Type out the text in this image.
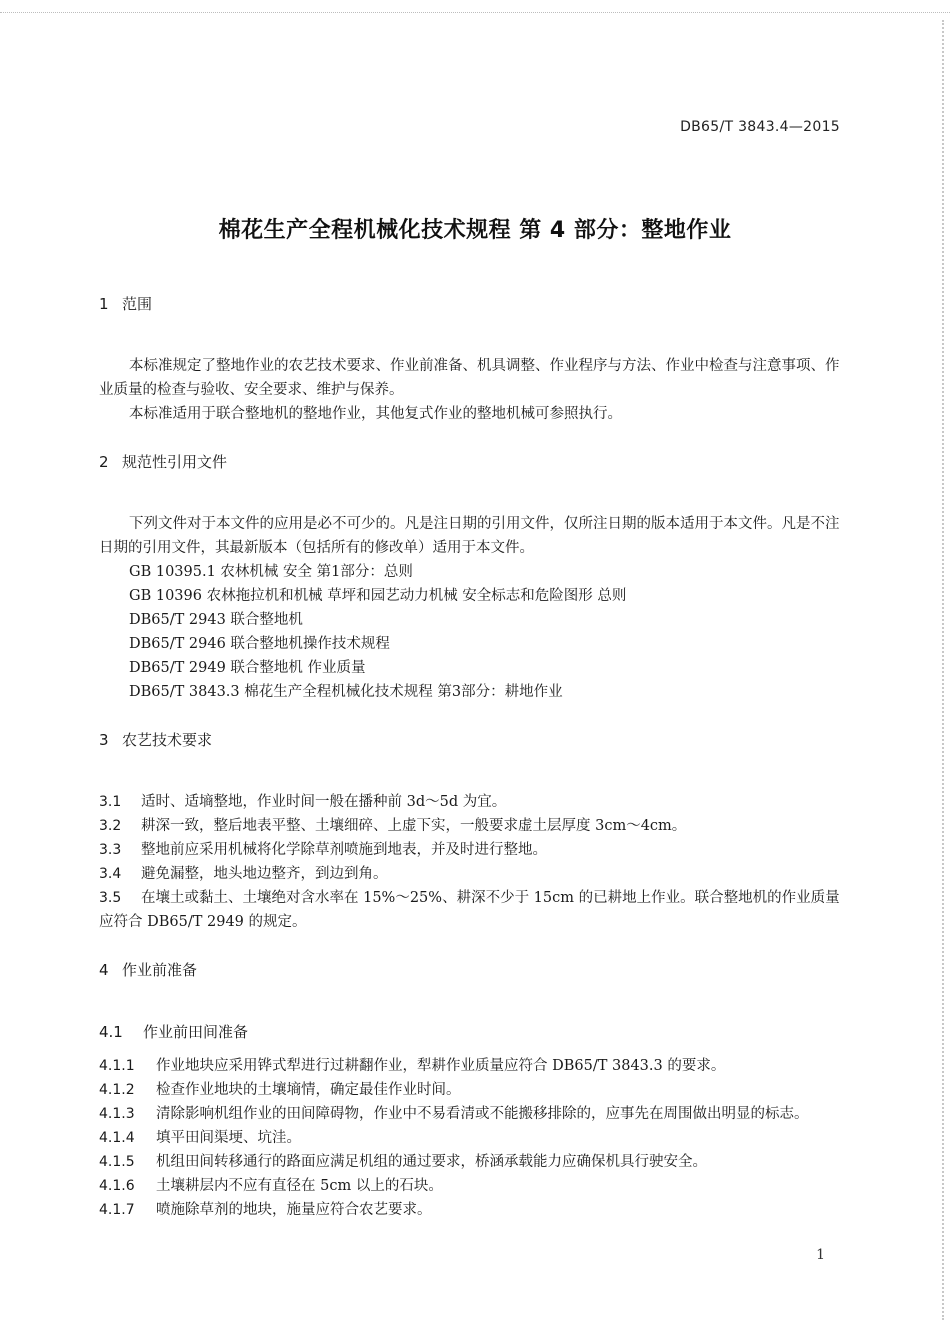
DB65/T 3843.4—2015
棉花生产全程机械化技术规程 第 4 部分：整地作业
1 范围

本标准规定了整地作业的农艺技术要求、作业前准备、机具调整、作业程序与方法、作业中检查与注意事项、作业质量的检查与验收、安全要求、维护与保养。

本标准适用于联合整地机的整地作业，其他复式作业的整地机械可参照执行。

2 规范性引用文件

下列文件对于本文件的应用是必不可少的。凡是注日期的引用文件，仅所注日期的版本适用于本文件。凡是不注日期的引用文件，其最新版本（包括所有的修改单）适用于本文件。

GB 10395.1 农林机械 安全 第1部分：总则

GB 10396 农林拖拉机和机械 草坪和园艺动力机械 安全标志和危险图形 总则

DB65/T 2943 联合整地机

DB65/T 2946 联合整地机操作技术规程

DB65/T 2949 联合整地机 作业质量

DB65/T 3843.3 棉花生产全程机械化技术规程 第3部分：耕地作业

3 农艺技术要求

3.1 适时、适墒整地，作业时间一般在播种前 3d～5d 为宜。

3.2 耕深一致，整后地表平整、土壤细碎、上虚下实，一般要求虚土层厚度 3cm～4cm。

3.3 整地前应采用机械将化学除草剂喷施到地表，并及时进行整地。

3.4 避免漏整，地头地边整齐，到边到角。

3.5 在壤土或黏土、土壤绝对含水率在 15%～25%、耕深不少于 15cm 的已耕地上作业。联合整地机的作业质量应符合 DB65/T 2949 的规定。

4 作业前准备
4.1 作业前田间准备

4.1.1 作业地块应采用铧式犁进行过耕翻作业，犁耕作业质量应符合 DB65/T 3843.3 的要求。

4.1.2 检查作业地块的土壤墒情，确定最佳作业时间。

4.1.3 清除影响机组作业的田间障碍物，作业中不易看清或不能搬移排除的，应事先在周围做出明显的标志。

4.1.4 填平田间渠埂、坑洼。

4.1.5 机组田间转移通行的路面应满足机组的通过要求，桥涵承载能力应确保机具行驶安全。

4.1.6 土壤耕层内不应有直径在 5cm 以上的石块。

4.1.7 喷施除草剂的地块，施量应符合农艺要求。

1
